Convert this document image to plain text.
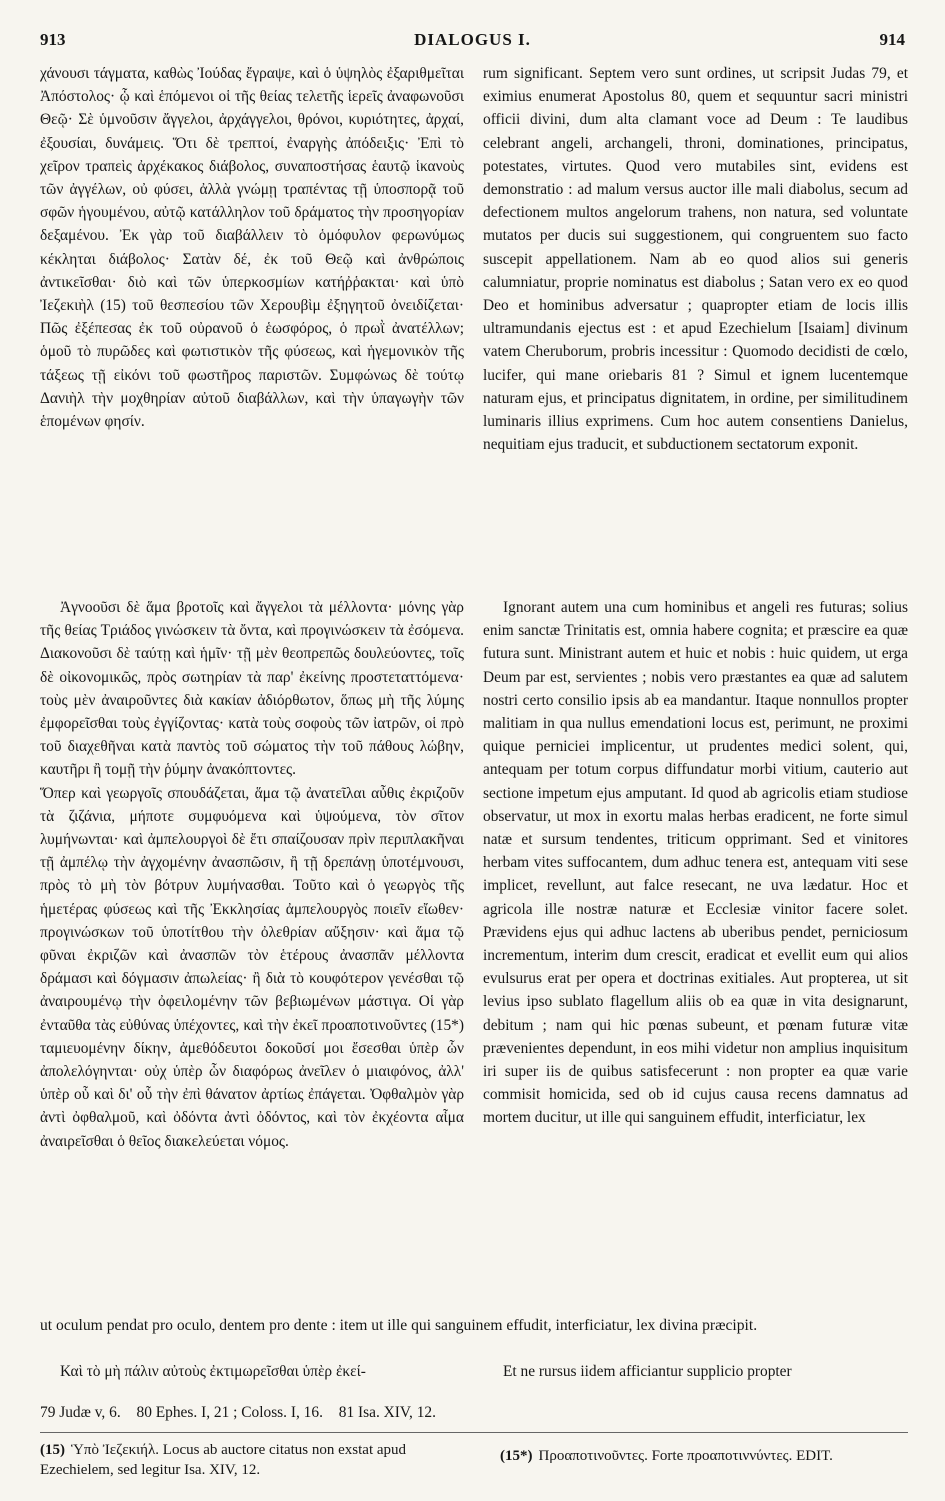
913	DIALOGUS I.	914
χάνουσι τάγματα, καθὼς Ἰούδας ἔγραψε, καὶ ὁ ὑψηλὸς ἐξαριθμεῖται Ἀπόστολος· ᾧ καὶ ἑπόμενοι οἱ τῆς θείας τελετῆς ἱερεῖς ἀναφωνοῦσι Θεῷ· Σὲ ὑμνοῦσιν ἄγγελοι, ἀρχάγγελοι, θρόνοι, κυριότητες, ἀρχαί, ἐξουσίαι, δυνάμεις. Ὅτι δὲ τρεπτοί, ἐναργὴς ἀπόδειξις· Ἐπὶ τὸ χεῖρον τραπεὶς ἀρχέκακος διάβολος, συναποστήσας ἑαυτῷ ἱκανοὺς τῶν ἀγγέλων, οὐ φύσει, ἀλλὰ γνώμῃ τραπέντας τῇ ὑποσπορᾷ τοῦ σφῶν ἡγουμένου, αὐτῷ κατάλληλον τοῦ δράματος τὴν προσηγορίαν δεξαμένου. Ἐκ γὰρ τοῦ διαβάλλειν τὸ ὁμόφυλον φερωνύμως κέκληται διάβολος· Σατὰν δέ, ἐκ τοῦ Θεῷ καὶ ἀνθρώποις ἀντικεῖσθαι· διὸ καὶ τῶν ὑπερκοσμίων κατήῤῥακται· καὶ ὑπὸ Ἰεζεκιὴλ (15) τοῦ θεσπεσίου τῶν Χερουβὶμ ἐξηγητοῦ ὀνειδίζεται· Πῶς ἐξέπεσας ἐκ τοῦ οὐρανοῦ ὁ ἑωσφόρος, ὁ πρωῒ ἀνατέλλων; ὁμοῦ τὸ πυρῶδες καὶ φωτιστικὸν τῆς φύσεως, καὶ ἡγεμονικὸν τῆς τάξεως τῇ εἰκόνι τοῦ φωστῆρος παριστῶν. Συμφώνως δὲ τούτῳ Δανιὴλ τὴν μοχθηρίαν αὐτοῦ διαβάλλων, καὶ τὴν ὑπαγωγὴν τῶν ἑπομένων φησίν.
rum significant. Septem vero sunt ordines, ut scripsit Judas 79, et eximius enumerat Apostolus 80, quem et sequuntur sacri ministri officii divini, dum alta clamant voce ad Deum : Te laudibus celebrant angeli, archangeli, throni, dominationes, principatus, potestates, virtutes. Quod vero mutabiles sint, evidens est demonstratio : ad malum versus auctor ille mali diabolus, secum ad defectionem multos angelorum trahens, non natura, sed voluntate mutatos per ducis sui suggestionem, qui congruentem suo facto suscepit appellationem. Nam ab eo quod alios sui generis calumniatur, proprie nominatus est diabolus ; Satan vero ex eo quod Deo et hominibus adversatur ; quapropter etiam de locis illis ultramundanis ejectus est : et apud Ezechielum [Isaiam] divinum vatem Cheruborum, probris incessitur : Quomodo decidisti de cœlo, lucifer, qui mane oriebaris 81 ? Simul et ignem lucentemque naturam ejus, et principatus dignitatem, in ordine, per similitudinem luminaris illius exprimens. Cum hoc autem consentiens Danielus, nequitiam ejus traducit, et subductionem sectatorum exponit.
Ἀγνοοῦσι δὲ ἅμα βροτοῖς καὶ ἄγγελοι τὰ μέλλοντα· μόνης γὰρ τῆς θείας Τριάδος γινώσκειν τὰ ὄντα, καὶ προγινώσκειν τὰ ἐσόμενα. Διακονοῦσι δὲ ταύτῃ καὶ ἡμῖν· τῇ μὲν θεοπρεπῶς δουλεύοντες, τοῖς δὲ οἰκονομικῶς, πρὸς σωτηρίαν τὰ παρ' ἐκείνης προστεταττόμενα· τοὺς μὲν ἀναιροῦντες διὰ κακίαν ἀδιόρθωτον, ὅπως μὴ τῆς λύμης ἐμφορεῖσθαι τοὺς ἐγγίζοντας· κατὰ τοὺς σοφοὺς τῶν ἰατρῶν, οἱ πρὸ τοῦ διαχεθῆναι κατὰ παντὸς τοῦ σώματος τὴν τοῦ πάθους λώβην, καυτῆρι ἢ τομῇ τὴν ῥύμην ἀνακόπτοντες.
Ὅπερ καὶ γεωργοῖς σπουδάζεται, ἅμα τῷ ἀνατεῖλαι αὖθις ἐκριζοῦν τὰ ζιζάνια, μήποτε συμφυόμενα καὶ ὑψούμενα, τὸν σῖτον λυμήνωνται· καὶ ἀμπελουργοὶ δὲ ἔτι σπαίζουσαν πρὶν περιπλακῆναι τῇ ἀμπέλῳ τὴν ἀγχομένην ἀνασπῶσιν, ἢ τῇ δρεπάνῃ ὑποτέμνουσι, πρὸς τὸ μὴ τὸν βότρυν λυμήνασθαι. Τοῦτο καὶ ὁ γεωργὸς τῆς ἡμετέρας φύσεως καὶ τῆς Ἐκκλησίας ἀμπελουργὸς ποιεῖν εἴωθεν· προγινώσκων τοῦ ὑποτίτθου τὴν ὀλεθρίαν αὔξησιν· καὶ ἅμα τῷ φῦναι ἐκριζῶν καὶ ἀνασπῶν τὸν ἑτέρους ἀνασπᾶν μέλλοντα δράμασι καὶ δόγμασιν ἀπωλείας· ἢ διὰ τὸ κουφότερον γενέσθαι τῷ ἀναιρουμένῳ τὴν ὀφειλομένην τῶν βεβιωμένων μάστιγα. Οἱ γὰρ ἐνταῦθα τὰς εὐθύνας ὑπέχοντες, καὶ τὴν ἐκεῖ προαποτινοῦντες (15*) ταμιευομένην δίκην, ἀμεθόδευτοι δοκοῦσί μοι ἔσεσθαι ὑπὲρ ὧν ἀπολελόγηνται· οὐχ ὑπὲρ ὧν διαφόρως ἀνεῖλεν ὁ μιαιφόνος, ἀλλ' ὑπὲρ οὗ καὶ δι' οὗ τὴν ἐπὶ θάνατον ἀρτίως ἐπάγεται. Ὀφθαλμὸν γὰρ ἀντὶ ὀφθαλμοῦ, καὶ ὀδόντα ἀντὶ ὀδόντος, καὶ τὸν ἐκχέοντα αἷμα ἀναιρεῖσθαι ὁ θεῖος διακελεύεται νόμος.
Ignorant autem una cum hominibus et angeli res futuras; solius enim sanctæ Trinitatis est, omnia habere cognita; et præscire ea quæ futura sunt. Ministrant autem et huic et nobis : huic quidem, ut erga Deum par est, servientes ; nobis vero præstantes ea quæ ad salutem nostri certo consilio ipsis ab ea mandantur. Itaque nonnullos propter malitiam in qua nullus emendationi locus est, perimunt, ne proximi quique perniciei implicentur, ut prudentes medici solent, qui, antequam per totum corpus diffundatur morbi vitium, cauterio aut sectione impetum ejus amputant. Id quod ab agricolis etiam studiose observatur, ut mox in exortu malas herbas eradicent, ne forte simul natæ et sursum tendentes, triticum opprimant. Sed et vinitores herbam vites suffocantem, dum adhuc tenera est, antequam viti sese implicet, revellunt, aut falce resecant, ne uva lædatur. Hoc et agricola ille nostræ naturæ et Ecclesiæ vinitor facere solet. Prævidens ejus qui adhuc lactens ab uberibus pendet, perniciosum incrementum, interim dum crescit, eradicat et evellit eum qui alios evulsurus erat per opera et doctrinas exitiales. Aut propterea, ut sit levius ipso sublato flagellum aliis ob ea quæ in vita designarunt, debitum ; nam qui hic pœnas subeunt, et pœnam futuræ vitæ prævenientes dependunt, in eos mihi videtur non amplius inquisitum iri super iis de quibus satisfecerunt : non propter ea quæ varie commisit homicida, sed ob id cujus causa recens damnatus ad mortem ducitur, ut ille qui sanguinem effudit, interficiatur, lex
ut oculum pendat pro oculo, dentem pro dente : item ut ille qui sanguinem effudit, interficiatur, lex divina præcipit.
Καὶ τὸ μὴ πάλιν αὐτοὺς ἐκτιμωρεῖσθαι ὑπὲρ ἐκεί-	Et ne rursus iidem afficiantur supplicio propter
79 Judæ v, 6. 80 Ephes. I, 21 ; Coloss. I, 16. 81 Isa. XIV, 12.
(15) Ὑπὸ Ἰεζεκιήλ. Locus ab auctore citatus non exstat apud Ezechielem, sed legitur Isa. XIV, 12.
(15*) Προαποτινοῦντες. Forte προαποτιννύντες. EDIT.
